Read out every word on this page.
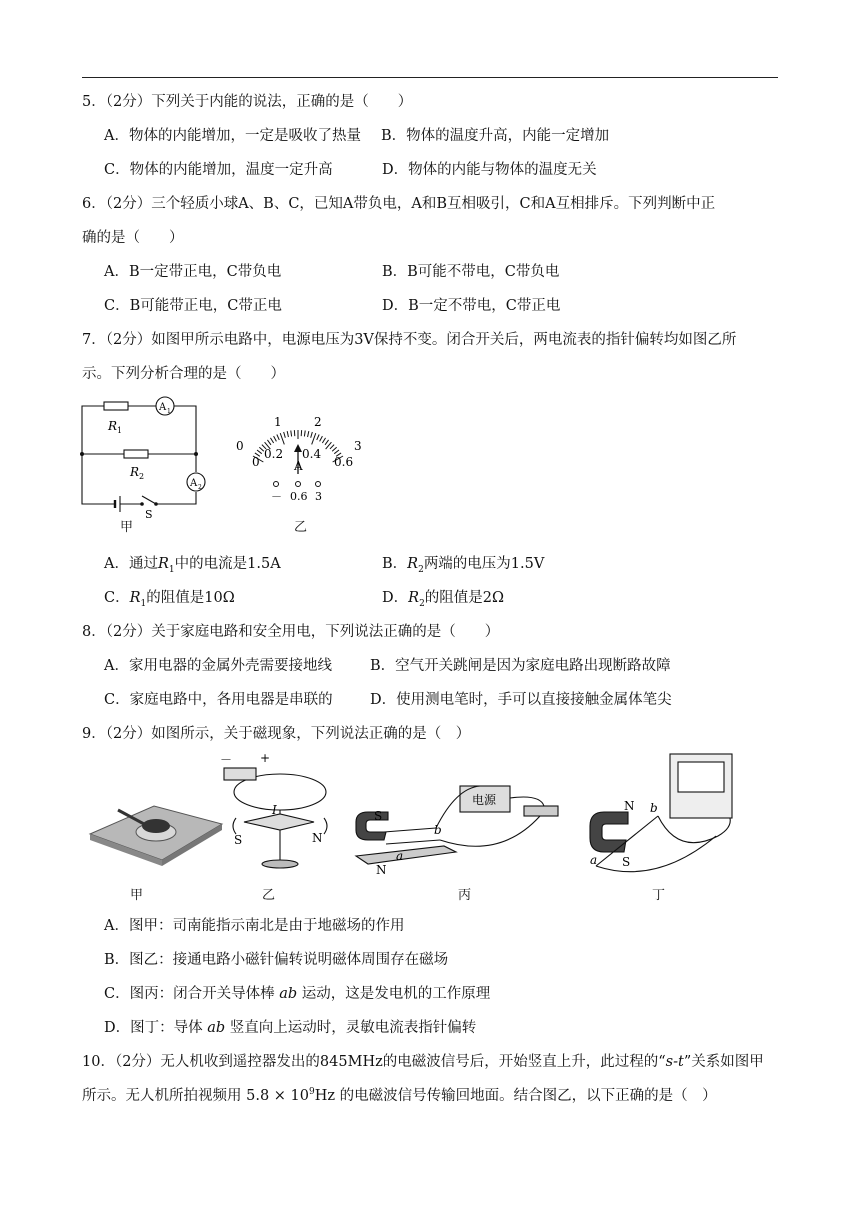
5．（2分）下列关于内能的说法，正确的是（　　）
A．物体的内能增加，一定是吸收了热量 B．物体的温度升高，内能一定增加
C．物体的内能增加，温度一定升高	D．物体的内能与物体的温度无关
6．（2分）三个轻质小球A、B、C，已知A带负电，A和B互相吸引，C和A互相排斥。下列判断中正
确的是（　　）
A．B一定带正电，C带负电	B．B可能不带电，C带负电
C．B可能带正电，C带正电	D．B一定不带电，C带正电
7．（2分）如图甲所示电路中，电源电压为3V保持不变。闭合开关后，两电流表的指针偏转均如图乙所
示。下列分析合理的是（　　）
R 1
R 2
A 1
A 2
S
甲
0
1	2
3
0
0.2 0.4
0.6
A
－ 0.6 3
乙
A．通过$R_1$中的电流是1.5A	B．$R_2$两端的电压为1.5V
C．$R_1$的阻值是10Ω	D．$R_2$的阻值是2Ω
8．（2分）关于家庭电路和安全用电，下列说法正确的是（　　）
A．家用电器的金属外壳需要接地线	B．空气开关跳闸是因为家庭电路出现断路故障
C．家庭电路中，各用电器是串联的	D．使用测电笔时，手可以直接接触金属体笔尖
9．（2分）如图所示，关于磁现象，下列说法正确的是（　）
－ +
I
S	N
电源
S
N
b
a
N
S
b
a
甲	乙	丙	丁
A．图甲：司南能指示南北是由于地磁场的作用
B．图乙：接通电路小磁针偏转说明磁体周围存在磁场
C．图丙：闭合开关导体棒 ab 运动，这是发电机的工作原理
D．图丁：导体 ab 竖直向上运动时，灵敏电流表指针偏转
10．（2分）无人机收到遥控器发出的845MHz的电磁波信号后，开始竖直上升，此过程的“s-t”关系如图甲
所示。无人机所拍视频用 $5.8 \times 10^9Hz$ 的电磁波信号传输回地面。结合图乙，以下正确的是（　）
